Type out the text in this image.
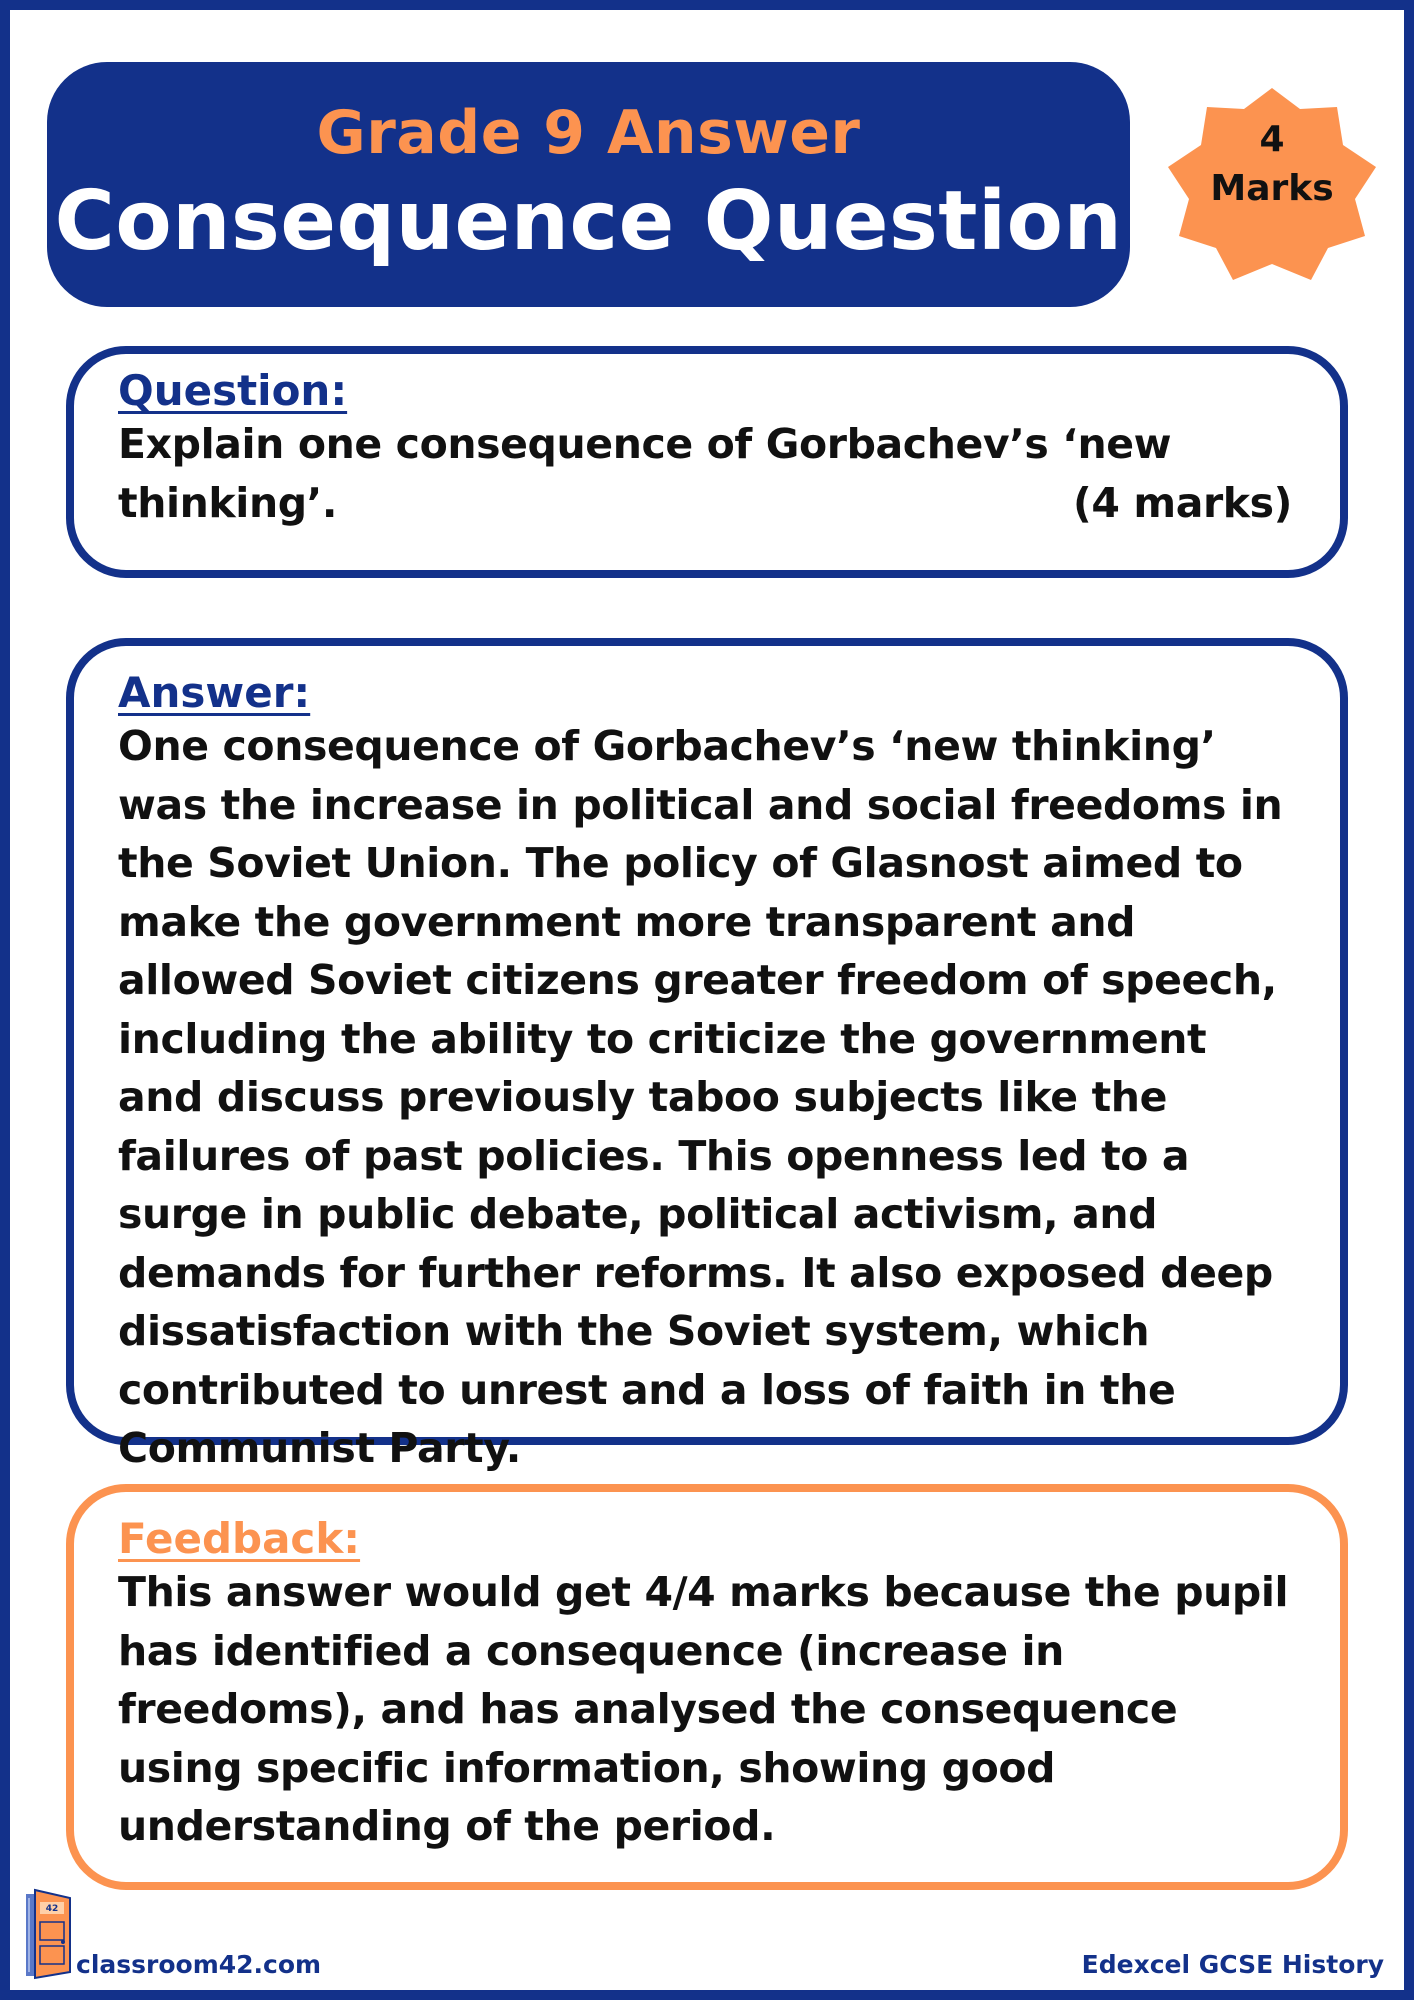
Grade 9 Answer
Consequence Question
4
Marks

Question:

Explain one consequence of Gorbachev’s ‘new
thinking’.	(4 marks)

Answer:

One consequence of Gorbachev’s ‘new thinking’ was the increase in political and social freedoms in the Soviet Union. The policy of Glasnost aimed to make the government more transparent and allowed Soviet citizens greater freedom of speech, including the ability to criticize the government and discuss previously taboo subjects like the failures of past policies. This openness led to a surge in public debate, political activism, and demands for further reforms. It also exposed deep dissatisfaction with the Soviet system, which contributed to unrest and a loss of faith in the Communist Party.

Feedback:

This answer would get 4/4 marks because the pupil has identified a consequence (increase in freedoms), and has analysed the consequence using specific information, showing good understanding of the period.

42
classroom42.com	Edexcel GCSE History
